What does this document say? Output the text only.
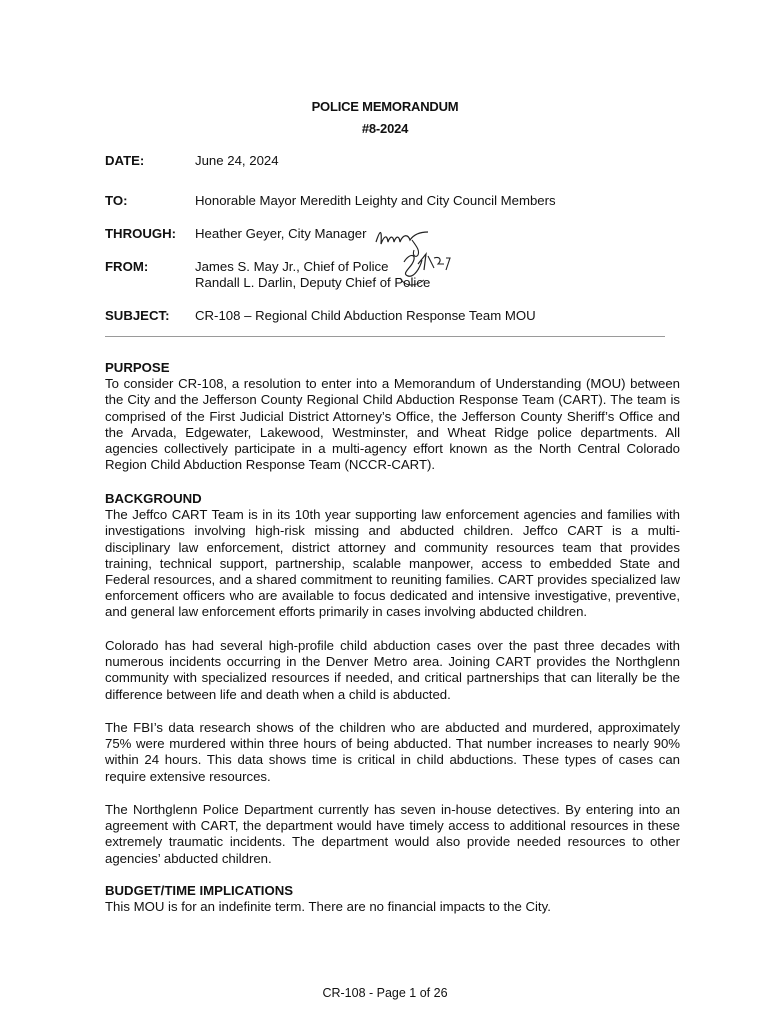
POLICE MEMORANDUM
#8-2024
DATE:	June 24, 2024
TO:	Honorable Mayor Meredith Leighty and City Council Members
THROUGH: Heather Geyer, City Manager
FROM:	James S. May Jr., Chief of Police
Randall L. Darlin, Deputy Chief of Police
SUBJECT: CR-108 – Regional Child Abduction Response Team MOU
PURPOSE

To consider CR-108, a resolution to enter into a Memorandum of Understanding (MOU) between the City and the Jefferson County Regional Child Abduction Response Team (CART). The team is comprised of the First Judicial District Attorney’s Office, the Jefferson County Sheriff’s Office and the Arvada, Edgewater, Lakewood, Westminster, and Wheat Ridge police departments. All agencies collectively participate in a multi-agency effort known as the North Central Colorado Region Child Abduction Response Team (NCCR-CART).

BACKGROUND

The Jeffco CART Team is in its 10th year supporting law enforcement agencies and families with investigations involving high-risk missing and abducted children. Jeffco CART is a multi-disciplinary law enforcement, district attorney and community resources team that provides training, technical support, partnership, scalable manpower, access to embedded State and Federal resources, and a shared commitment to reuniting families. CART provides specialized law enforcement officers who are available to focus dedicated and intensive investigative, preventive, and general law enforcement efforts primarily in cases involving abducted children.

Colorado has had several high-profile child abduction cases over the past three decades with numerous incidents occurring in the Denver Metro area. Joining CART provides the Northglenn community with specialized resources if needed, and critical partnerships that can literally be the difference between life and death when a child is abducted.

The FBI’s data research shows of the children who are abducted and murdered, approximately 75% were murdered within three hours of being abducted. That number increases to nearly 90% within 24 hours. This data shows time is critical in child abductions. These types of cases can require extensive resources.

The Northglenn Police Department currently has seven in-house detectives. By entering into an agreement with CART, the department would have timely access to additional resources in these extremely traumatic incidents. The department would also provide needed resources to other agencies’ abducted children.

BUDGET/TIME IMPLICATIONS

This MOU is for an indefinite term. There are no financial impacts to the City.

CR-108 - Page 1 of 26
